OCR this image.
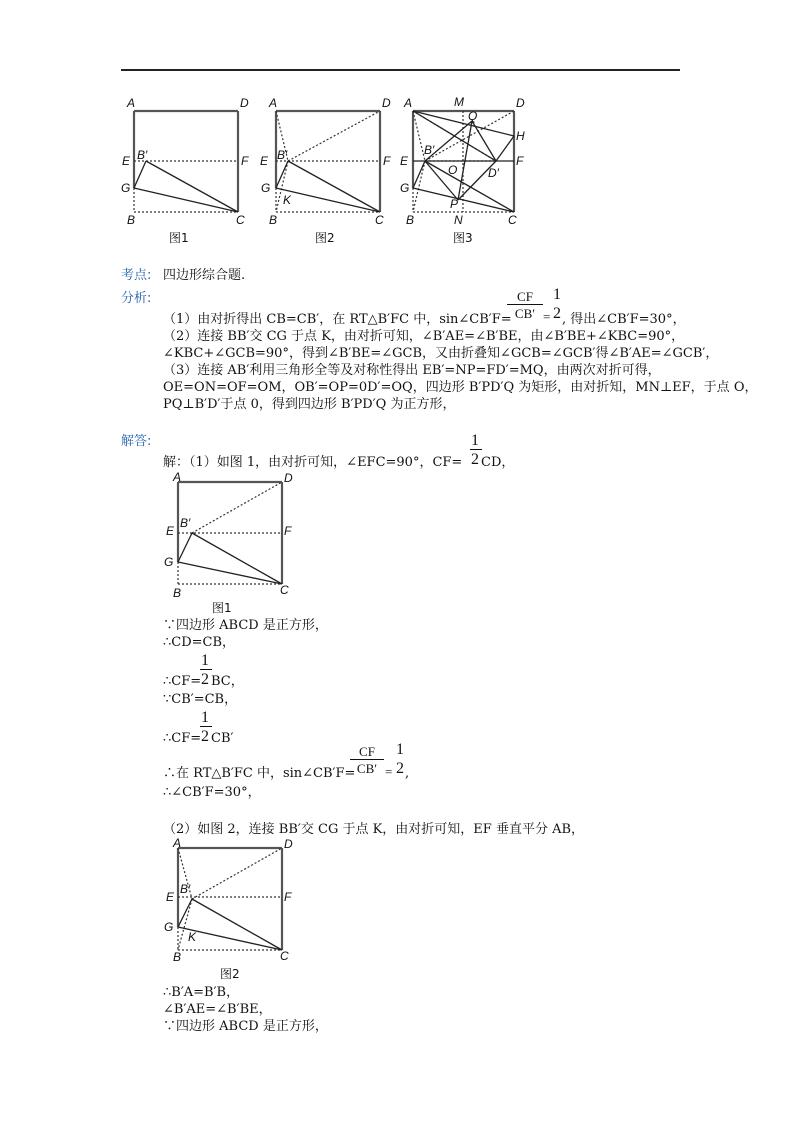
A	D
E	F
B′
G
B	C
图1
A	D
E	F
B′
G
K
B	C
图2
A	M	D
Q
H
E
B′
O
F
D′
G
P
B	N	C
图3
考点: 四边形综合题.
分析:
（1）由对折得出 CB=CB′，在 RT△B′FC 中，sin∠CB′F=
CF
CB′ =
1
2 , 得出∠CB′F=30°，
（2）连接 BB′交 CG 于点 K，由对折可知，∠B′AE=∠B′BE，由∠B′BE+∠KBC=90°，
∠KBC+∠GCB=90°，得到∠B′BE=∠GCB，又由折叠知∠GCB=∠GCB′得∠B′AE=∠GCB′，
（3）连接 AB′利用三角形全等及对称性得出 EB′=NP=FD′=MQ，由两次对折可得，
OE=ON=OF=OM，OB′=OP=0D′=OQ，四边形 B′PD′Q 为矩形，由对折知，MN⊥EF，于点 O，
PQ⊥B′D′于点 0，得到四边形 B′PD′Q 为正方形，
解答:
解：（1）如图 1，由对折可知，∠EFC=90°，CF=
1
2 CD，
A	D
E	F
B′
G
B	C
图1
∵四边形 ABCD 是正方形，
∴CD=CB，
1
∴CF= 2 BC，
∵CB′=CB，
1
∴CF= 2 CB′
∴在 RT△B′FC 中，sin∠CB′F=
CF
CB′ =
1
2 ,
∴∠CB′F=30°，
（2）如图 2，连接 BB′交 CG 于点 K，由对折可知，EF 垂直平分 AB，
A	D
E	F
B′
G
K
B	C
图2
∴B′A=B′B，
∠B′AE=∠B′BE，
∵四边形 ABCD 是正方形，
